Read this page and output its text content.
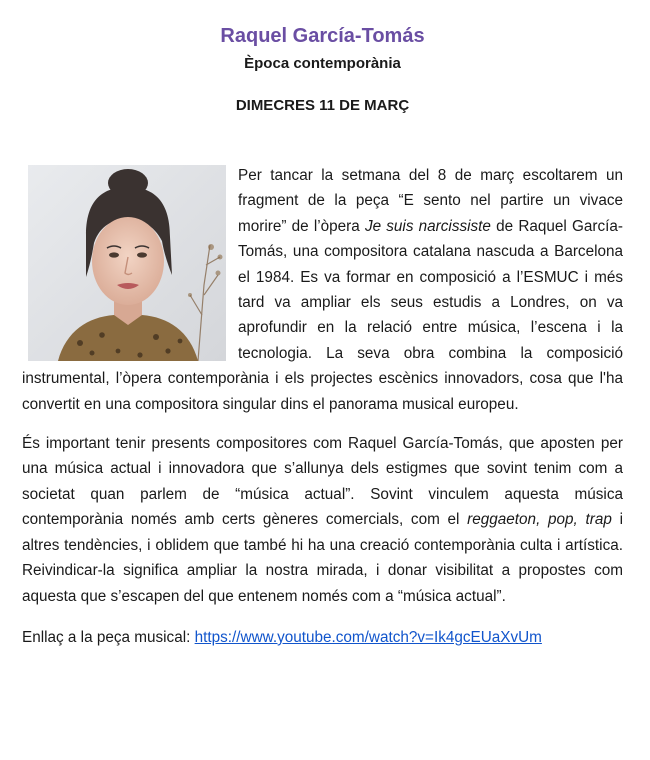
Raquel García-Tomás
Època contemporània
DIMECRES 11 DE MARÇ

Per tancar la setmana del 8 de març escoltarem un fragment de la peça “E sento nel partire un vivace morire” de l’òpera Je suis narcissiste de Raquel García-Tomás, una compositora catalana nascuda a Barcelona el 1984. Es va formar en composició a l’ESMUC i més tard va ampliar els seus estudis a Londres, on va aprofundir en la relació entre música, l’escena i la tecnologia. La seva obra combina la composició instrumental, l’òpera contemporània i els projectes escènics innovadors, cosa que l'ha convertit en una compositora singular dins el panorama musical europeu.

És important tenir presents compositores com Raquel García-Tomás, que aposten per una música actual i innovadora que s’allunya dels estigmes que sovint tenim com a societat quan parlem de “música actual”. Sovint vinculem aquesta música contemporània només amb certs gèneres comercials, com el reggaeton, pop, trap i altres tendències, i oblidem que també hi ha una creació contemporània culta i artística. Reivindicar-la significa ampliar la nostra mirada, i donar visibilitat a propostes com aquesta que s’escapen del que entenem només com a “música actual”.

Enllaç a la peça musical: https://www.youtube.com/watch?v=Ik4gcEUaXvUm
